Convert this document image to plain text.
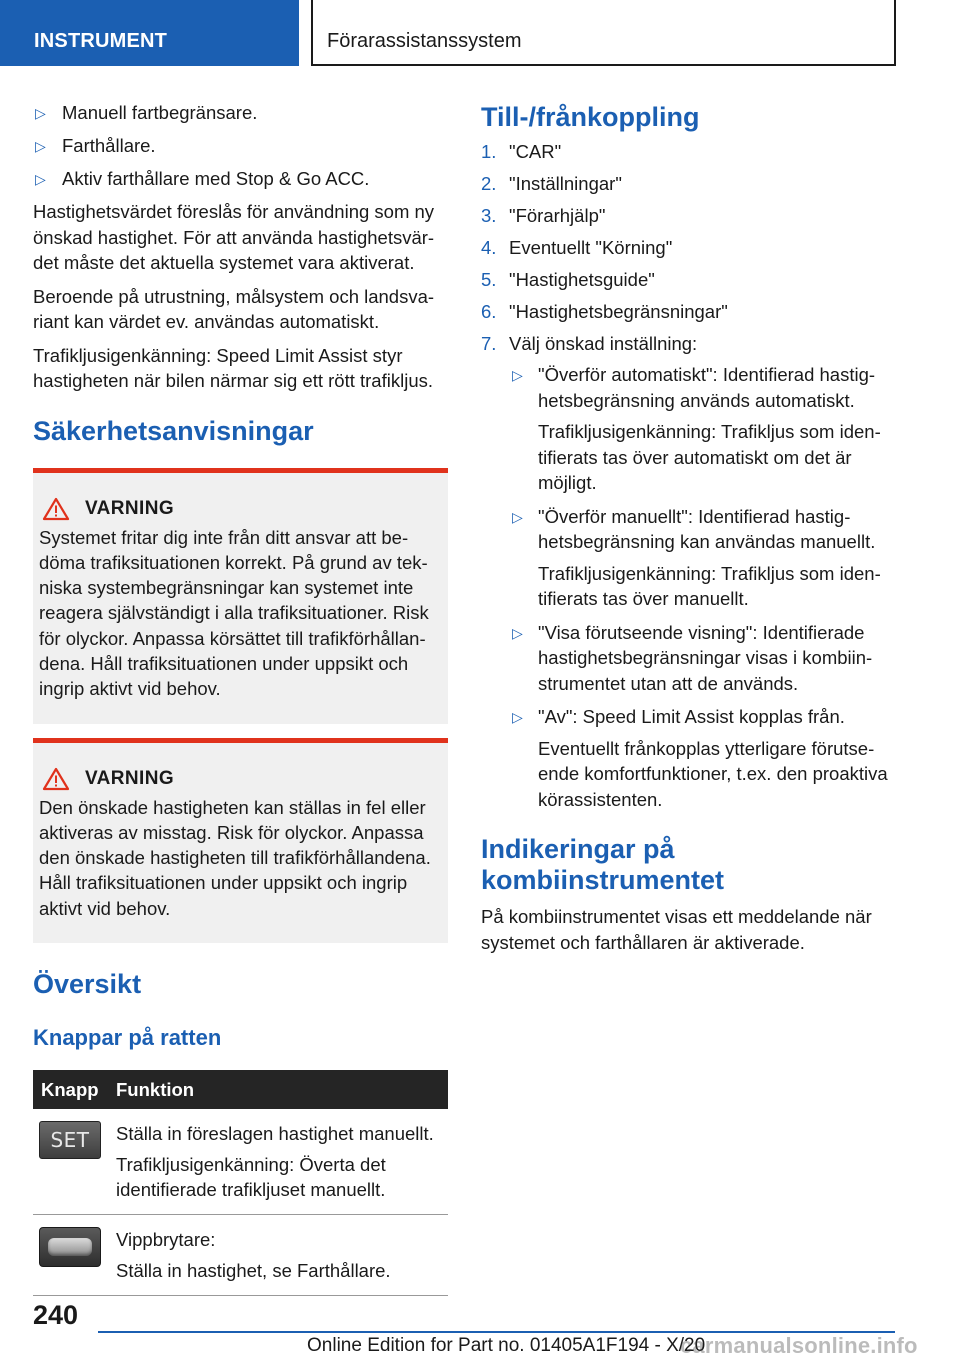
INSTRUMENT	Förarassistanssystem
▷ Manuell fartbegränsare.
▷ Farthållare.
▷ Aktiv farthållare med Stop & Go ACC.

Hastighetsvärdet föreslås för användning som ny önskad hastighet. För att använda hastighetsvärdet måste det aktuella systemet vara aktiverat.

Beroende på utrustning, målsystem och landsvariant kan värdet ev. användas automatiskt.

Trafikljusigenkänning: Speed Limit Assist styr hastigheten när bilen närmar sig ett rött trafikljus.

Säkerhetsanvisningar
VARNING
Systemet fritar dig inte från ditt ansvar att bedöma trafiksituationen korrekt. På grund av tekniska systembegränsningar kan systemet inte reagera självständigt i alla trafiksituationer. Risk för olyckor. Anpassa körsättet till trafikförhållandena. Håll trafiksituationen under uppsikt och ingrip aktivt vid behov.
VARNING
Den önskade hastigheten kan ställas in fel eller aktiveras av misstag. Risk för olyckor. Anpassa den önskade hastigheten till trafikförhållandena. Håll trafiksituationen under uppsikt och ingrip aktivt vid behov.
Översikt
Knappar på ratten
Knapp	Funktion

SET	Ställa in föreslagen hastighet manuellt.
Trafikljusigenkänning: Överta det identifierade trafikljuset manuellt.

	Vippbrytare:
Ställa in hastighet, se Farthållare.
Till-/frånkoppling
1. "CAR"
2. "Inställningar"
3. "Förarhjälp"
4. Eventuellt "Körning"
5. "Hastighetsguide"
6. "Hastighetsbegränsningar"
7. Välj önskad inställning:
▷ "Överför automatiskt": Identifierad hastighetsbegränsning används automatiskt.
Trafikljusigenkänning: Trafikljus som identifierats tas över automatiskt om det är möjligt.
▷ "Överför manuellt": Identifierad hastighetsbegränsning kan användas manuellt.
Trafikljusigenkänning: Trafikljus som identifierats tas över manuellt.
▷ "Visa förutseende visning": Identifierade hastighetsbegränsningar visas i kombiinstrumentet utan att de används.
▷ "Av": Speed Limit Assist kopplas från.
Eventuellt frånkopplas ytterligare förutseende komfortfunktioner, t.ex. den proaktiva körassistenten.
Indikeringar på kombiinstrumentet

På kombiinstrumentet visas ett meddelande när systemet och farthållaren är aktiverade.

240
Online Edition for Part no. 01405A1F194 - X/20
carmanualsonline.info
